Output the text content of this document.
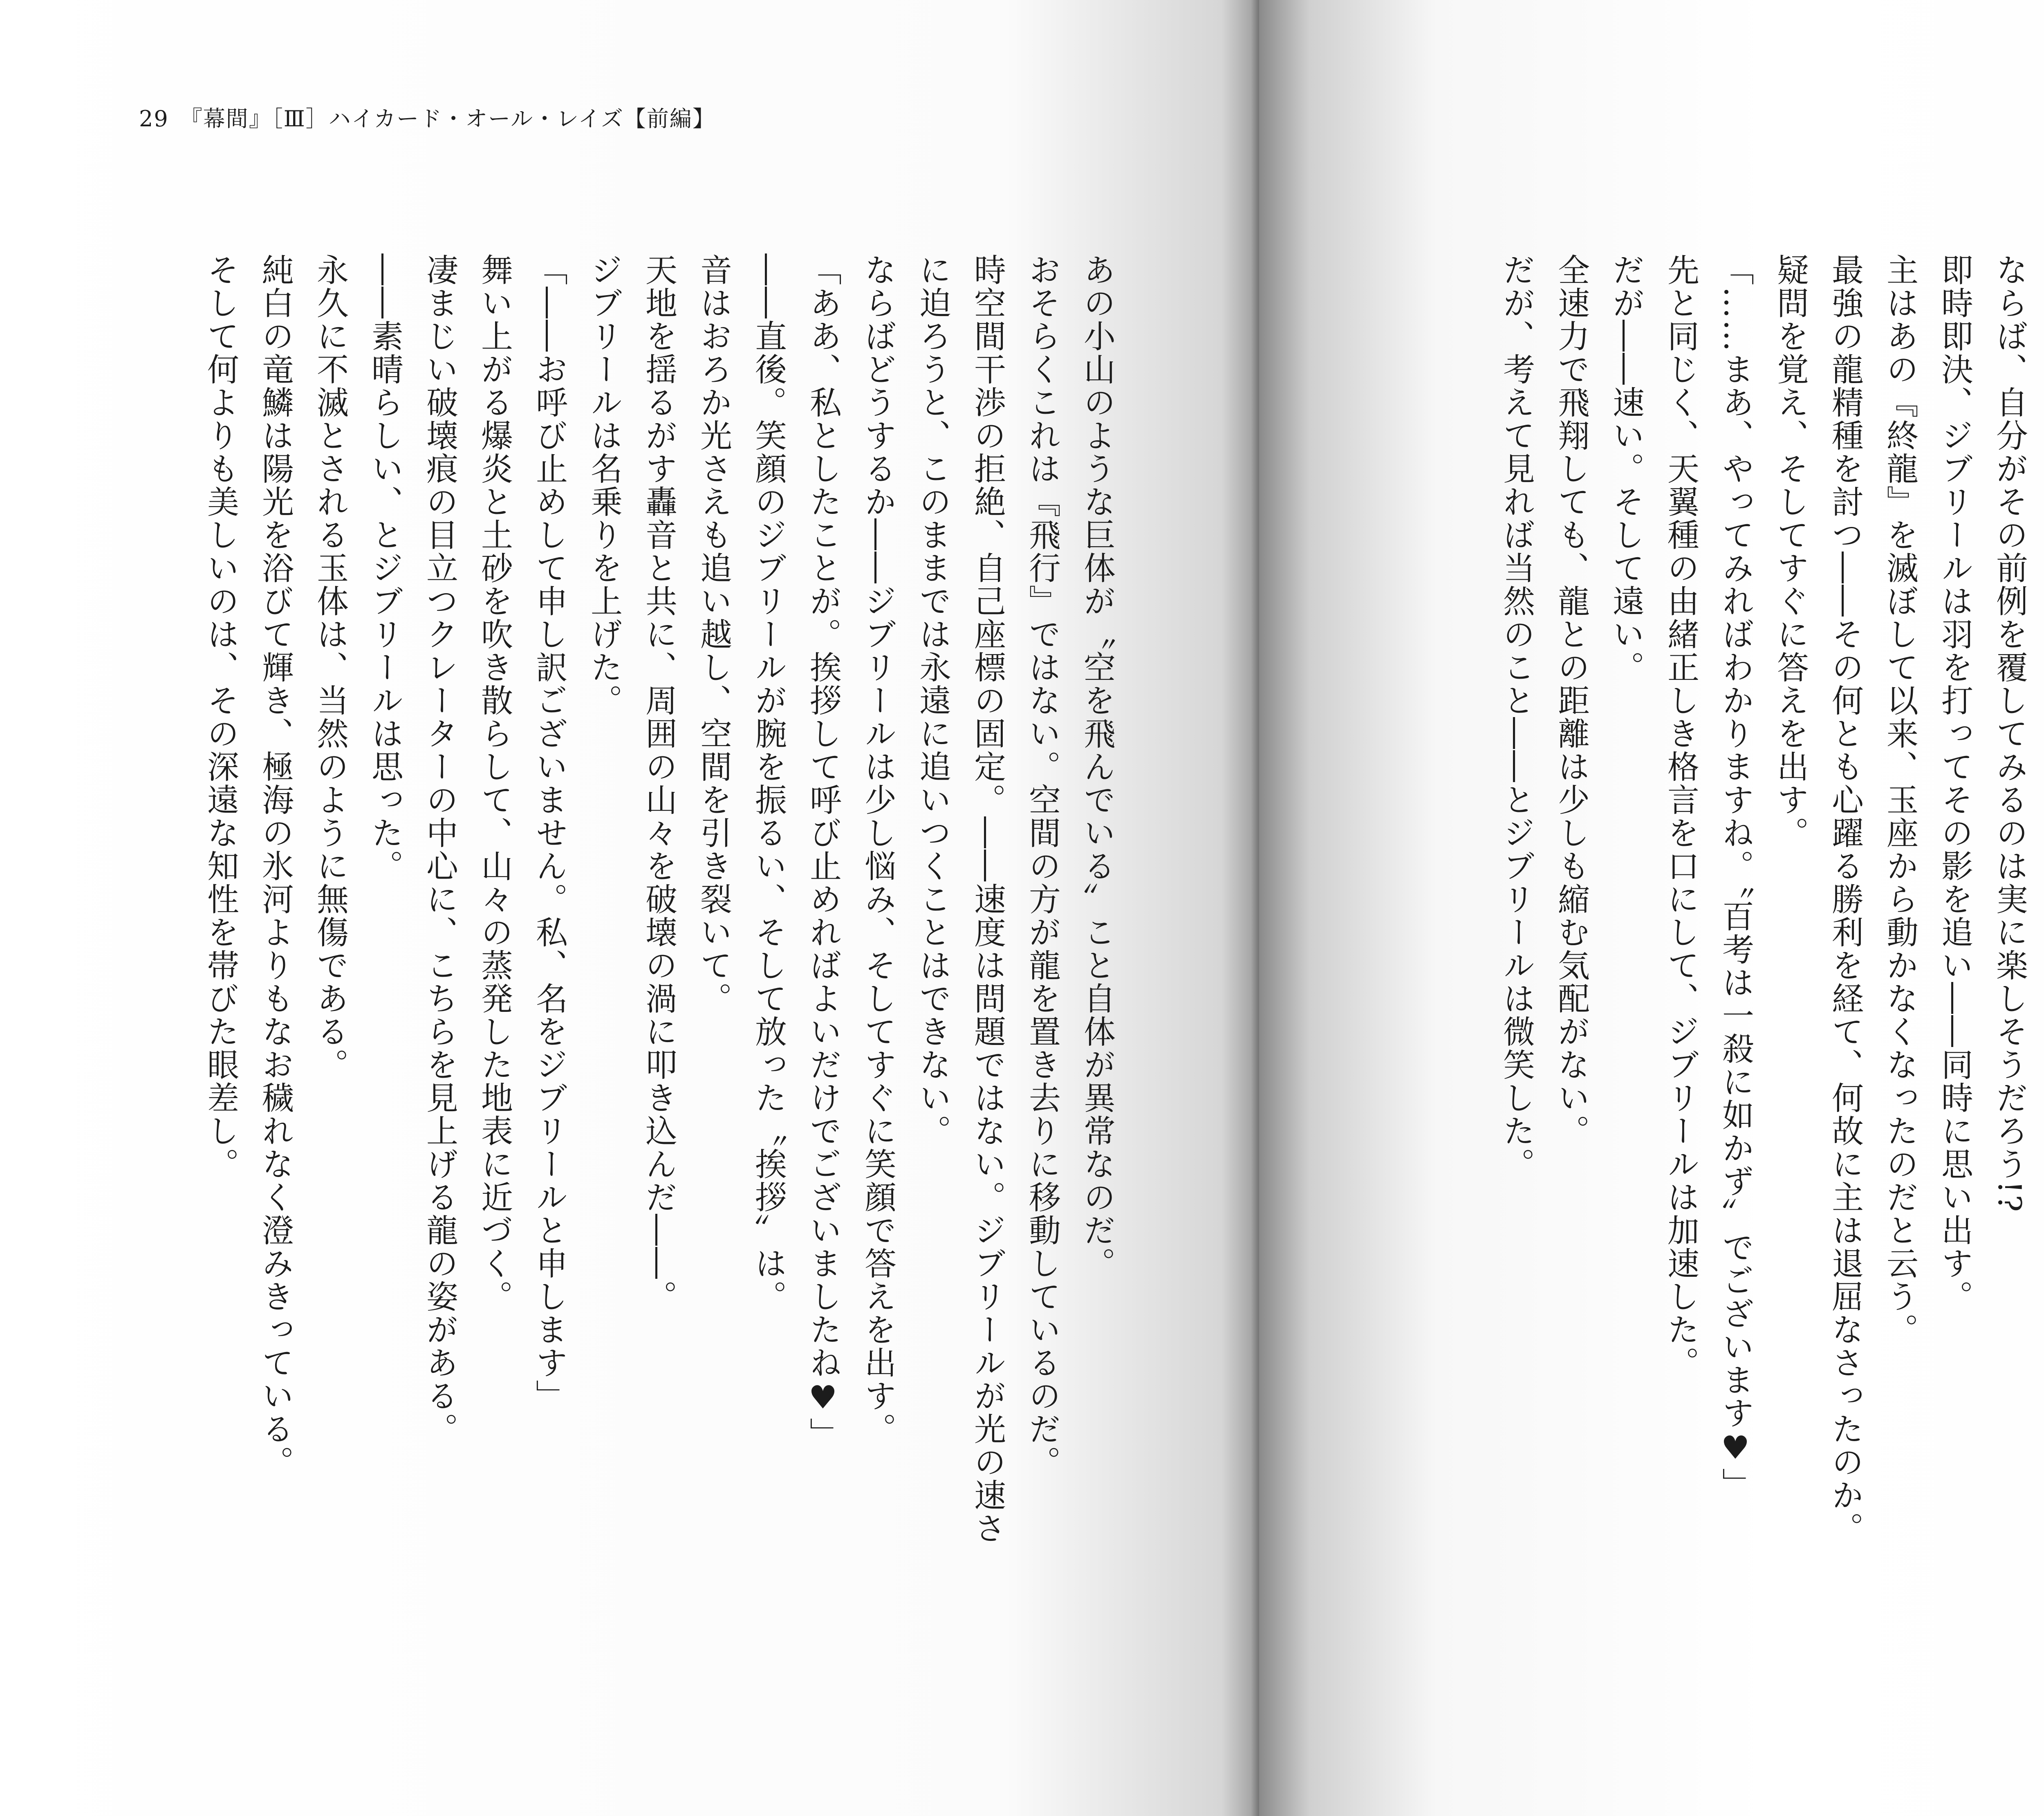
29 『幕間』［Ⅲ］ハイカード・オール・レイズ【前編】
あの小山のような巨体が〝空を飛んでいる〟こと自体が異常なのだ。
おそらくこれは『飛行』ではない。空間の方が龍を置き去りに移動しているのだ。
時空間干渉の拒絶、自己座標の固定。――速度は問題ではない。ジブリールが光の速さ
に迫ろうと、このままでは永遠に追いつくことはできない。
ならばどうするか――ジブリールは少し悩み、そしてすぐに笑顔で答えを出す。
「ああ、私としたことが。挨拶して呼び止めればよいだけでございましたね♥」
――直後。笑顔のジブリールが腕を振るい、そして放った〝挨拶〟は。
音はおろか光さえも追い越し、空間を引き裂いて。
天地を揺るがす轟音と共に、周囲の山々を破壊の渦に叩き込んだ――。
ジブリールは名乗りを上げた。
「――お呼び止めして申し訳ございません。私、名をジブリールと申します」
舞い上がる爆炎と土砂を吹き散らして、山々の蒸発した地表に近づく。
凄まじい破壊痕の目立つクレーターの中心に、こちらを見上げる龍の姿がある。
――素晴らしい、とジブリールは思った。
永久に不滅とされる玉体は、当然のように無傷である。
純白の竜鱗は陽光を浴びて輝き、極海の氷河よりもなお穢れなく澄みきっている。
そして何よりも美しいのは、その深遠な知性を帯びた眼差し。	ならば、自分がその前例を覆してみるのは実に楽しそうだろう!?
即時即決、ジブリールは羽を打ってその影を追い――同時に思い出す。
主はあの『終龍』を滅ぼして以来、玉座から動かなくなったのだと云う。
最強の龍精種を討つ――その何とも心躍る勝利を経て、何故に主は退屈なさったのか。
疑問を覚え、そしてすぐに答えを出す。
「……まあ、やってみればわかりますね。〝百考は一殺に如かず〟でございます♥」
先と同じく、天翼種の由緒正しき格言を口にして、ジブリールは加速した。
だが――速い。そして遠い。
全速力で飛翔しても、龍との距離は少しも縮む気配がない。
だが、考えて見れば当然のこと――とジブリールは微笑した。
